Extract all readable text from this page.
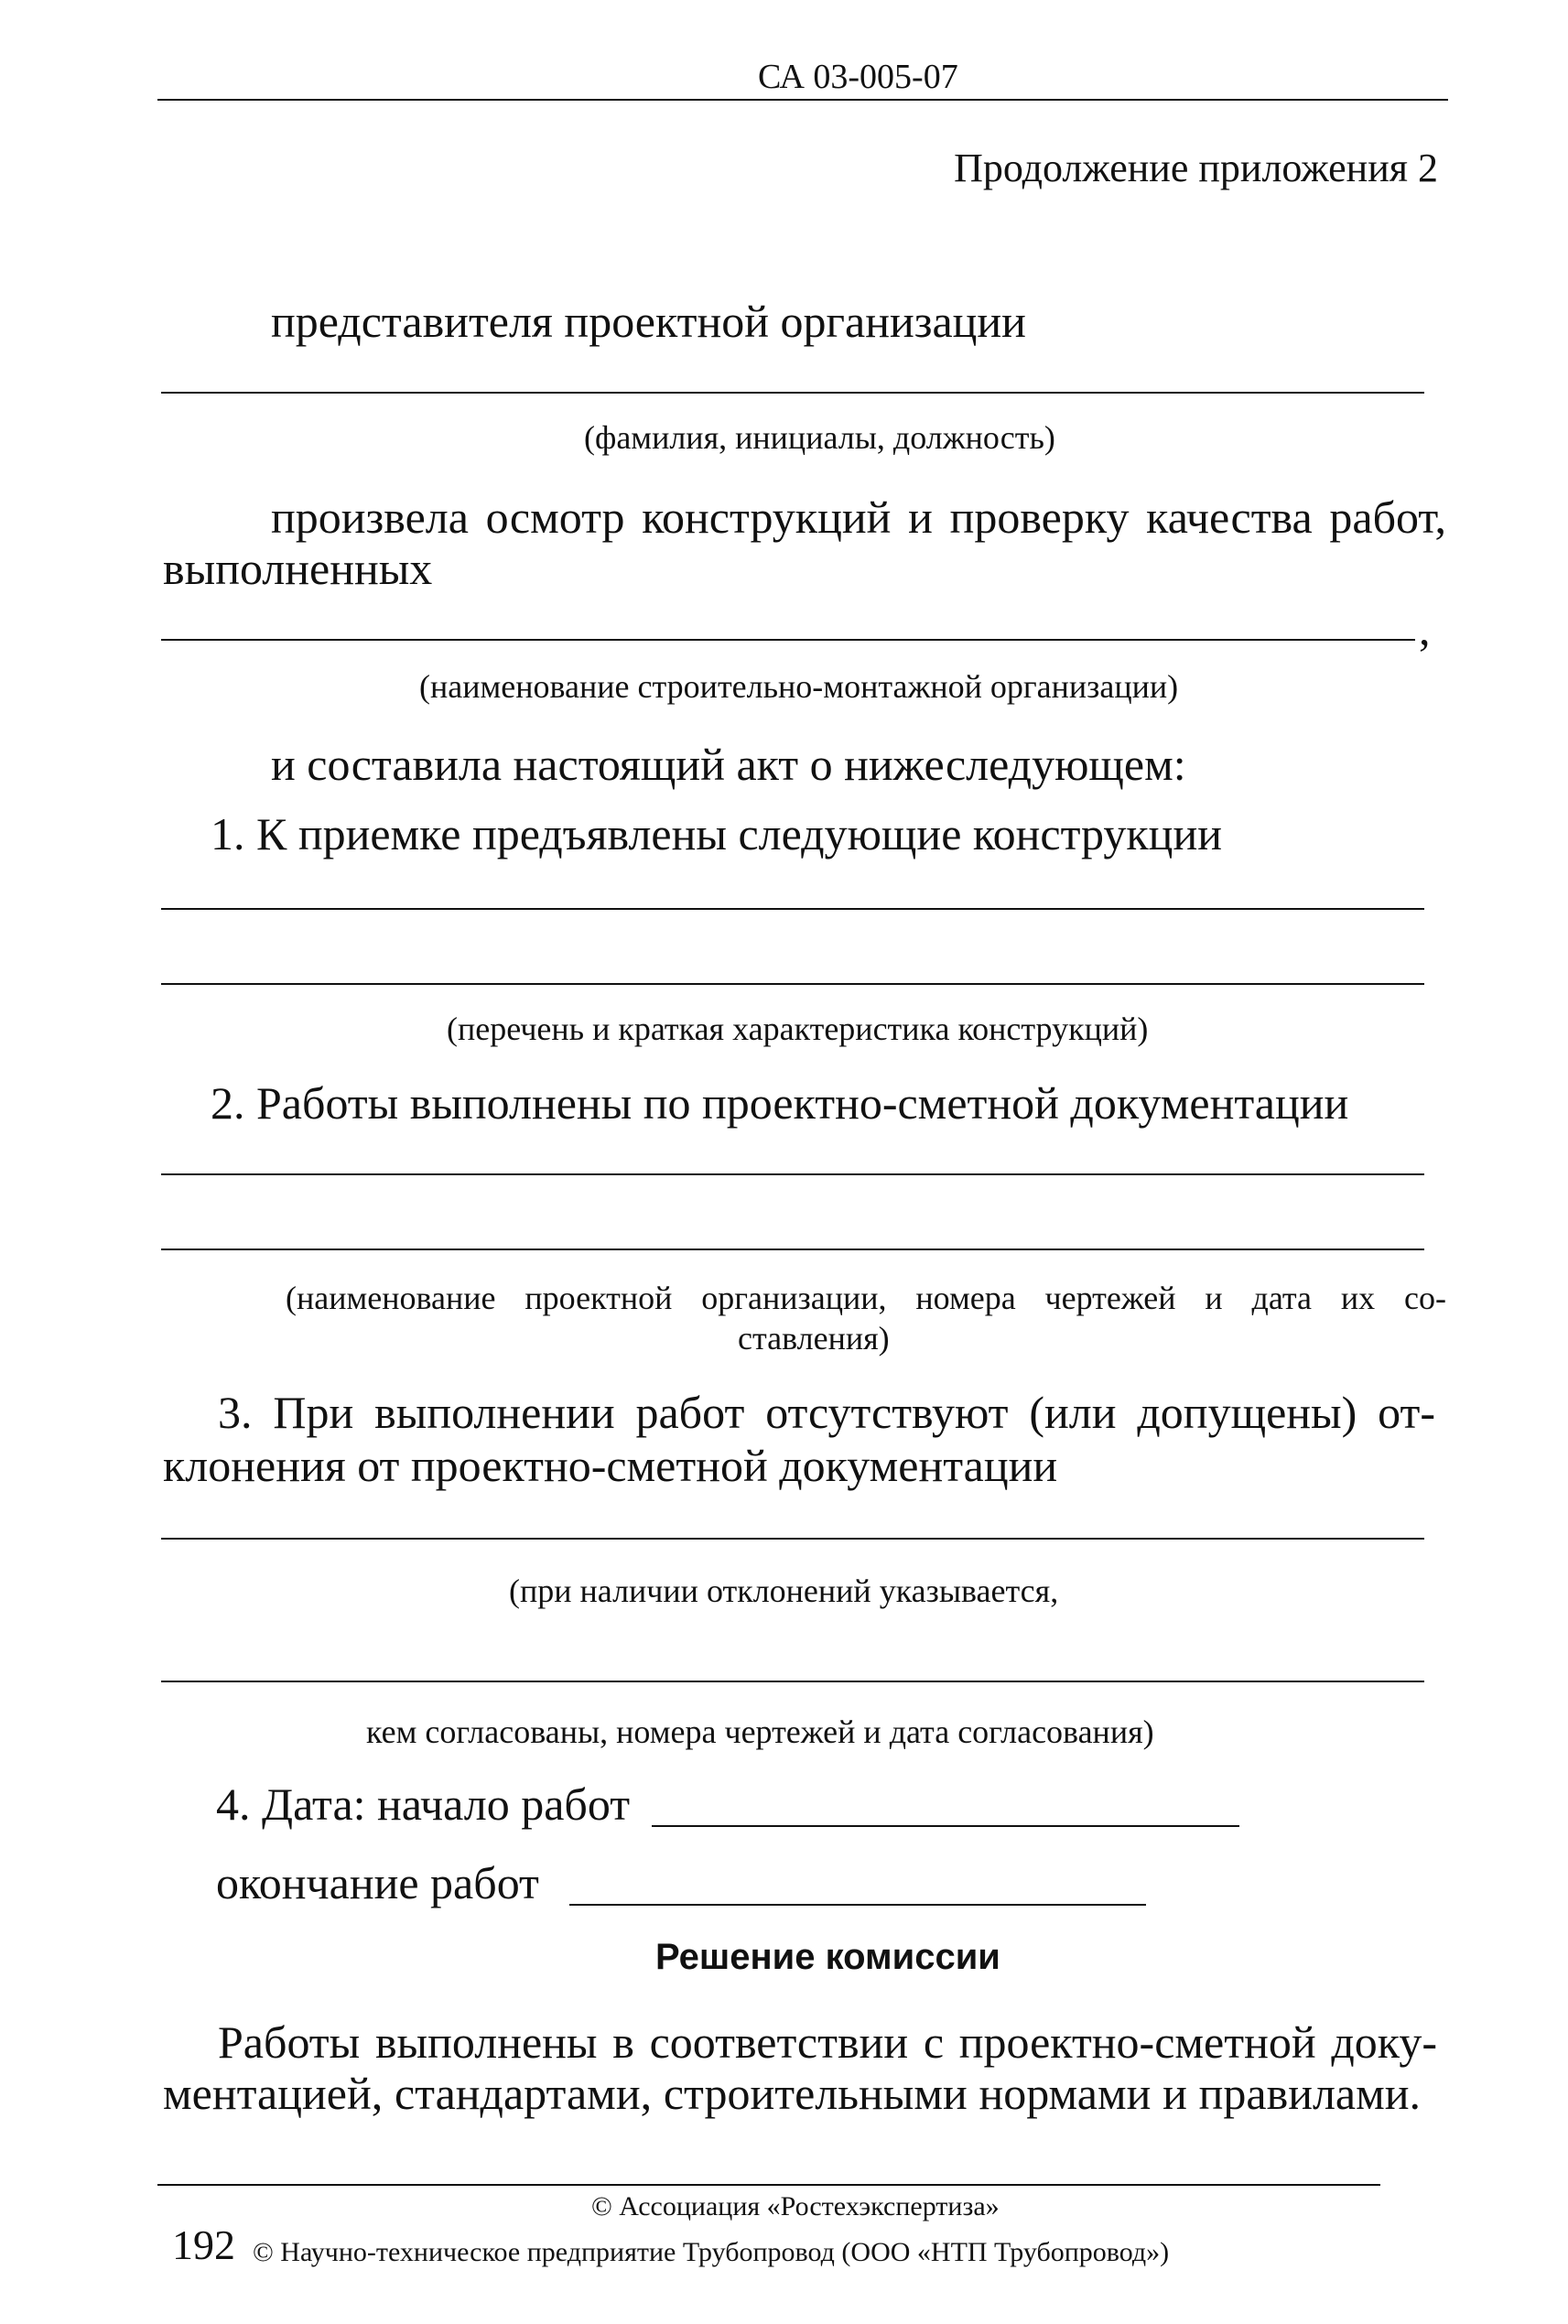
СА 03-005-07
Продолжение приложения 2
представителя проектной организации
(фамилия, инициалы, должность)
произвела осмотр конструкций и проверку качества работ,
выполненных
,
(наименование строительно-монтажной организации)
и составила настоящий акт о нижеследующем:
1. К приемке предъявлены следующие конструкции
(перечень и краткая характеристика конструкций)
2. Работы выполнены по проектно-сметной документации
(наименование проектной организации, номера чертежей и дата их со-
ставления)
3. При выполнении работ отсутствуют (или допущены) от-
клонения от проектно-сметной документации
(при наличии отклонений указывается,
кем согласованы, номера чертежей и дата согласования)
4. Дата: начало работ
окончание работ
Решение комиссии
Работы выполнены в соответствии с проектно-сметной доку-
ментацией, стандартами, строительными нормами и правилами.
© Ассоциация «Ростехэкспертиза»
192 © Научно-техническое предприятие Трубопровод (ООО «НТП Трубопровод»)
